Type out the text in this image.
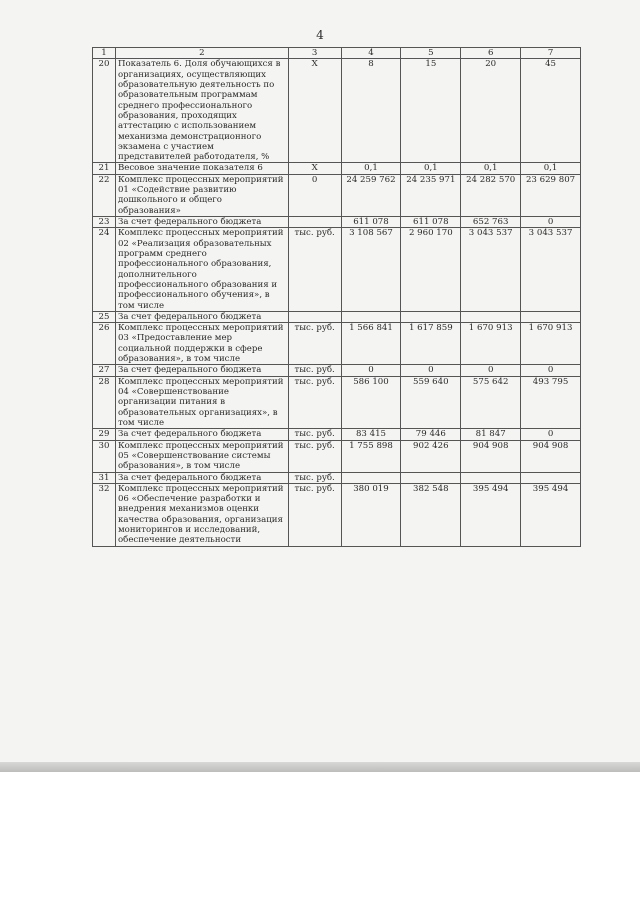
4
1	2	3	4	5	6	7
20	Показатель 6. Доля обучающихся в организациях, осуществляющих образовательную деятельность по образовательным программам среднего профессионального образования, проходящих аттестацию с использованием механизма демонстрационного экзамена с участием представителей работодателя, %	X	8	15	20	45
21	Весовое значение показателя 6	X	0,1	0,1	0,1	0,1
22	Комплекс процессных мероприятий 01 «Содействие развитию дошкольного и общего образования»	0	24 259 762	24 235 971	24 282 570	23 629 807
23	За счет федерального бюджета		611 078	611 078	652 763	0
24	Комплекс процессных мероприятий 02 «Реализация образовательных программ среднего профессионального образования, дополнительного профессионального образования и профессионального обучения», в том числе	тыс. руб.	3 108 567	2 960 170	3 043 537	3 043 537
25	За счет федерального бюджета					
26	Комплекс процессных мероприятий 03 «Предоставление мер социальной поддержки в сфере образования», в том числе	тыс. руб.	1 566 841	1 617 859	1 670 913	1 670 913
27	За счет федерального бюджета	тыс. руб.	0	0	0	0
28	Комплекс процессных мероприятий 04 «Совершенствование организации питания в образовательных организациях», в том числе	тыс. руб.	586 100	559 640	575 642	493 795
29	За счет федерального бюджета	тыс. руб.	83 415	79 446	81 847	0
30	Комплекс процессных мероприятий 05 «Совершенствование системы образования», в том числе	тыс. руб.	1 755 898	902 426	904 908	904 908
31	За счет федерального бюджета	тыс. руб.				
32	Комплекс процессных мероприятий 06 «Обеспечение разработки и внедрения механизмов оценки качества образования, организация мониторингов и исследований, обеспечение деятельности	тыс. руб.	380 019	382 548	395 494	395 494
